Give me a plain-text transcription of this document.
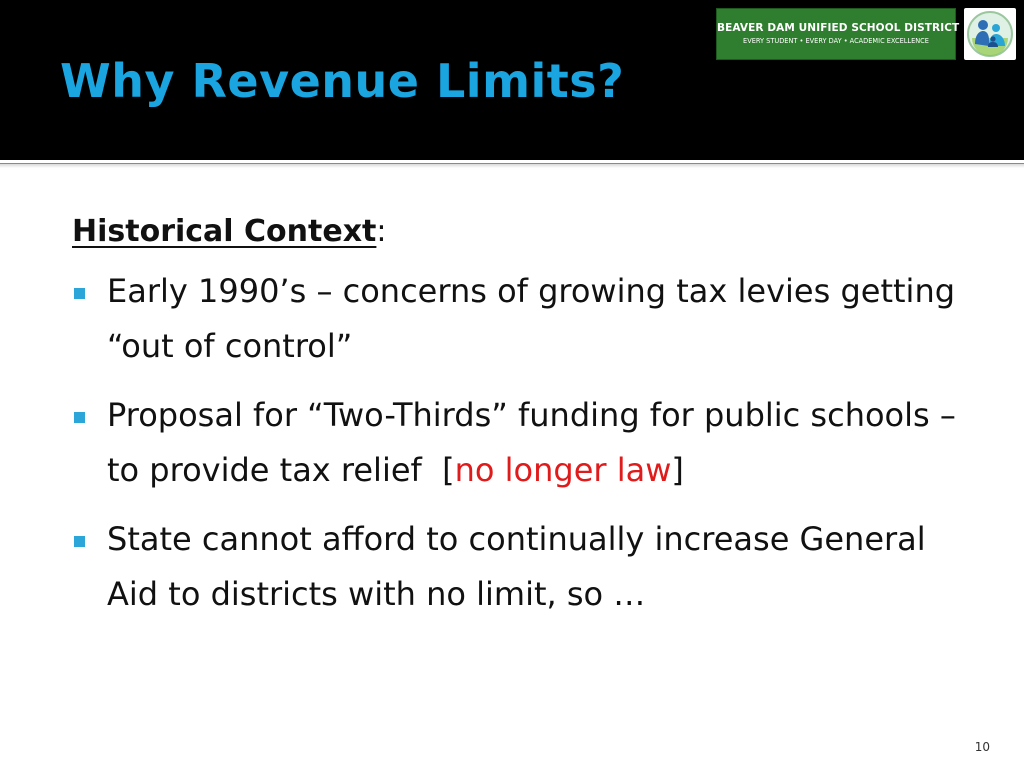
Why Revenue Limits?
BEAVER DAM UNIFIED SCHOOL DISTRICT
EVERY STUDENT • EVERY DAY • ACADEMIC EXCELLENCE

Historical Context:

Early 1990’s – concerns of growing tax levies getting “out of control”
Proposal for “Two-Thirds” funding for public schools – to provide tax relief  [no longer law]
State cannot afford to continually increase General Aid to districts with no limit, so …
10
